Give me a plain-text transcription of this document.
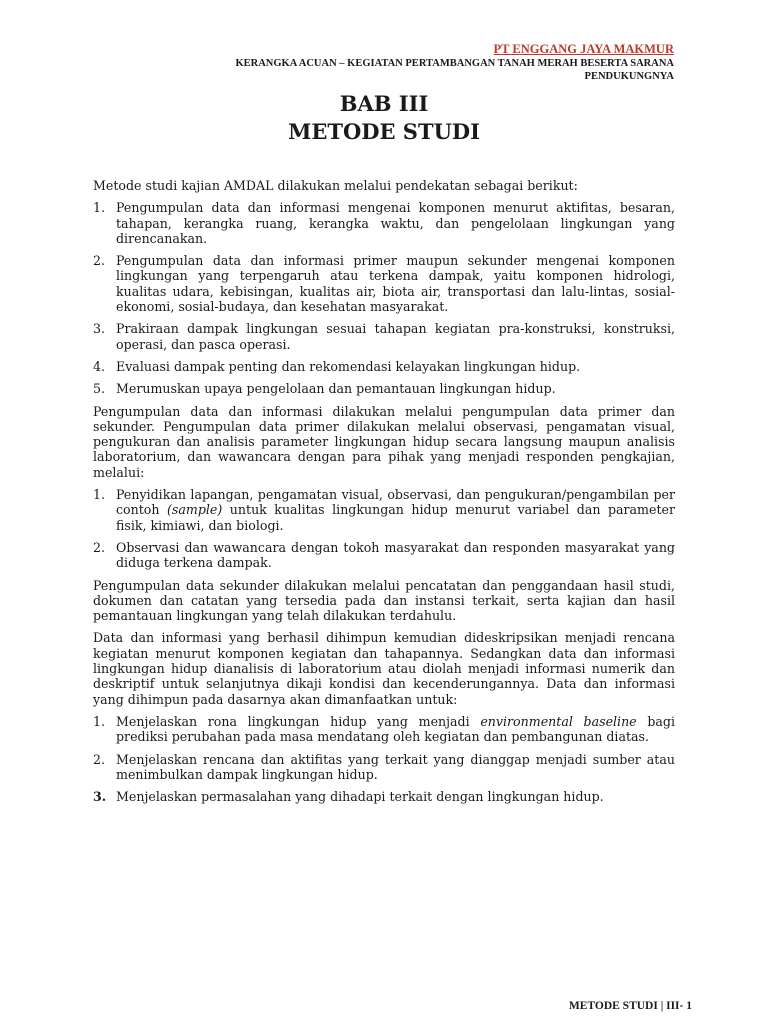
PT ENGGANG JAYA MAKMUR
KERANGKA ACUAN – KEGIATAN PERTAMBANGAN TANAH MERAH BESERTA SARANA
PENDUKUNGNYA
BAB III
METODE STUDI

Metode studi kajian AMDAL dilakukan melalui pendekatan sebagai berikut:

1. Pengumpulan data dan informasi mengenai komponen menurut aktifitas, besaran, tahapan, kerangka ruang, kerangka waktu, dan pengelolaan lingkungan yang direncanakan.
2. Pengumpulan data dan informasi primer maupun sekunder mengenai komponen lingkungan yang terpengaruh atau terkena dampak, yaitu komponen hidrologi, kualitas udara, kebisingan, kualitas air, biota air, transportasi dan lalu-lintas, sosial-ekonomi, sosial-budaya, dan kesehatan masyarakat.
3. Prakiraan dampak lingkungan sesuai tahapan kegiatan pra-konstruksi, konstruksi, operasi, dan pasca operasi.
4. Evaluasi dampak penting dan rekomendasi kelayakan lingkungan hidup.
5. Merumuskan upaya pengelolaan dan pemantauan lingkungan hidup.

Pengumpulan data dan informasi dilakukan melalui pengumpulan data primer dan sekunder. Pengumpulan data primer dilakukan melalui observasi, pengamatan visual, pengukuran dan analisis parameter lingkungan hidup secara langsung maupun analisis laboratorium, dan wawancara dengan para pihak yang menjadi responden pengkajian, melalui:

1. Penyidikan lapangan, pengamatan visual, observasi, dan pengukuran/pengambilan per contoh (sample) untuk kualitas lingkungan hidup menurut variabel dan parameter fisik, kimiawi, dan biologi.
2. Observasi dan wawancara dengan tokoh masyarakat dan responden masyarakat yang diduga terkena dampak.

Pengumpulan data sekunder dilakukan melalui pencatatan dan penggandaan hasil studi, dokumen dan catatan yang tersedia pada dan instansi terkait, serta kajian dan hasil pemantauan lingkungan yang telah dilakukan terdahulu.

Data dan informasi yang berhasil dihimpun kemudian dideskripsikan menjadi rencana kegiatan menurut komponen kegiatan dan tahapannya. Sedangkan data dan informasi lingkungan hidup dianalisis di laboratorium atau diolah menjadi informasi numerik dan deskriptif untuk selanjutnya dikaji kondisi dan kecenderungannya. Data dan informasi yang dihimpun pada dasarnya akan dimanfaatkan untuk:

1. Menjelaskan rona lingkungan hidup yang menjadi environmental baseline bagi prediksi perubahan pada masa mendatang oleh kegiatan dan pembangunan diatas.
2. Menjelaskan rencana dan aktifitas yang terkait yang dianggap menjadi sumber atau menimbulkan dampak lingkungan hidup.
3. Menjelaskan permasalahan yang dihadapi terkait dengan lingkungan hidup.
METODE STUDI | III- 1
